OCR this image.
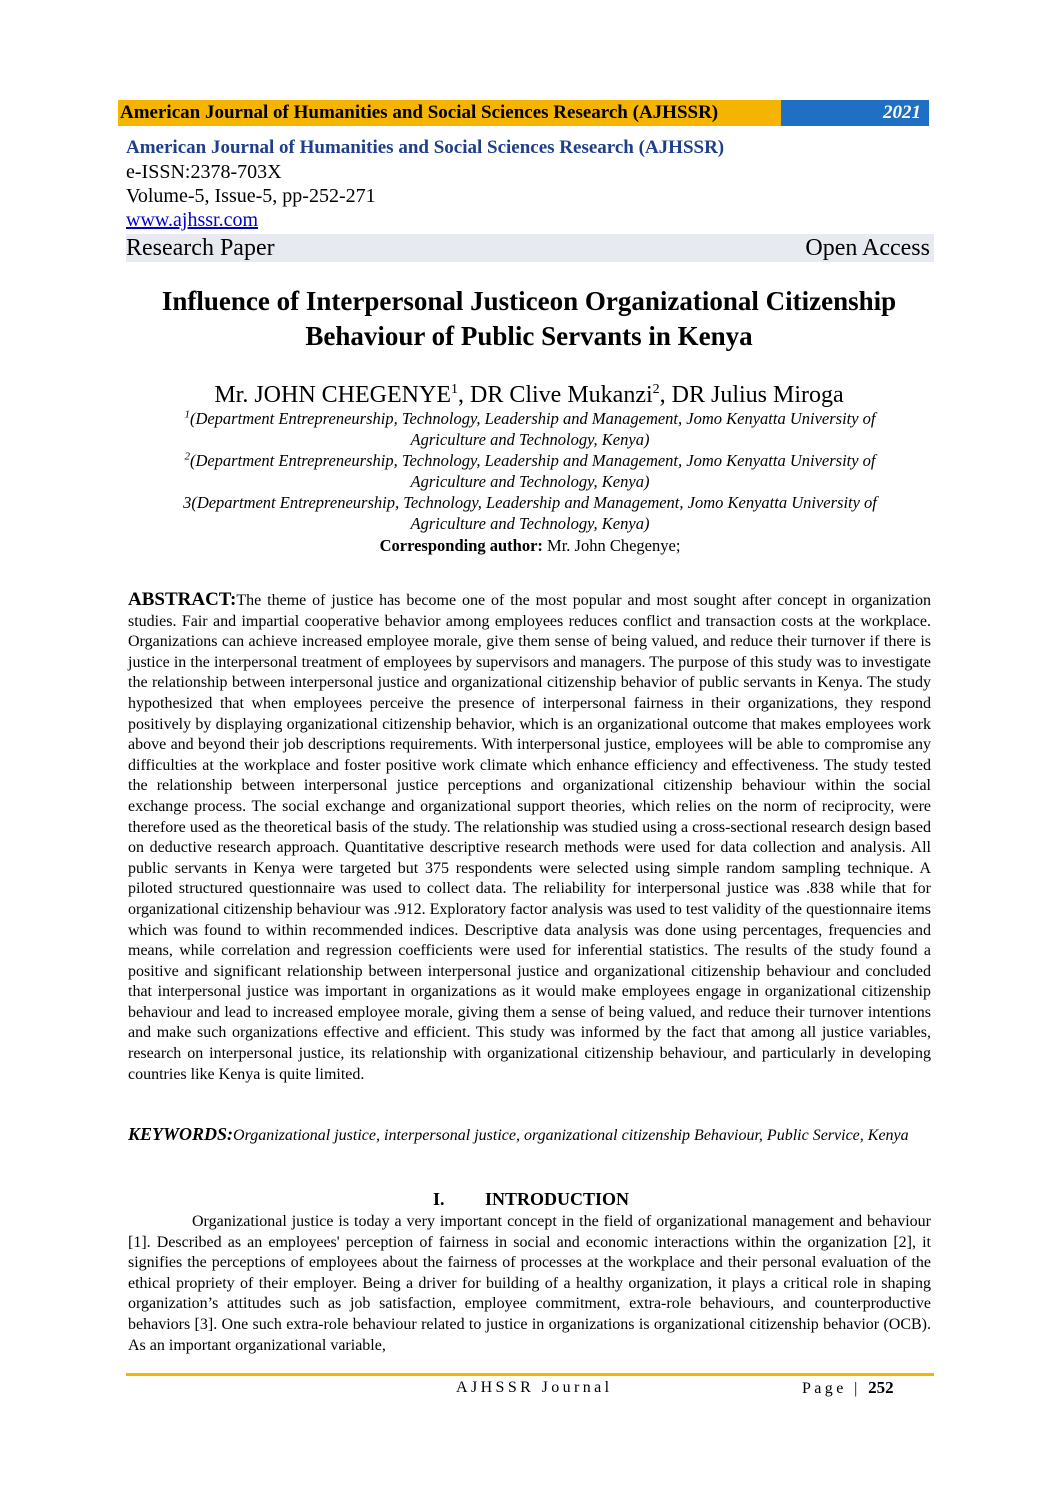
American Journal of Humanities and Social Sciences Research (AJHSSR)	2021
American Journal of Humanities and Social Sciences Research (AJHSSR)
e-ISSN:2378-703X
Volume-5, Issue-5, pp-252-271
www.ajhssr.com
Research Paper	Open Access
Influence of Interpersonal Justiceon Organizational Citizenship
Behaviour of Public Servants in Kenya
Mr. JOHN CHEGENYE$^1$, DR Clive Mukanzi$^2$, DR Julius Miroga
$^1$(Department Entrepreneurship, Technology, Leadership and Management, Jomo Kenyatta University of
Agriculture and Technology, Kenya)
$^2$(Department Entrepreneurship, Technology, Leadership and Management, Jomo Kenyatta University of
Agriculture and Technology, Kenya)
3(Department Entrepreneurship, Technology, Leadership and Management, Jomo Kenyatta University of
Agriculture and Technology, Kenya)
Corresponding author: Mr. John Chegenye;
ABSTRACT:The theme of justice has become one of the most popular and most sought after concept in organization studies. Fair and impartial cooperative behavior among employees reduces conflict and transaction costs at the workplace. Organizations can achieve increased employee morale, give them sense of being valued, and reduce their turnover if there is justice in the interpersonal treatment of employees by supervisors and managers. The purpose of this study was to investigate the relationship between interpersonal justice and organizational citizenship behavior of public servants in Kenya. The study hypothesized that when employees perceive the presence of interpersonal fairness in their organizations, they respond positively by displaying organizational citizenship behavior, which is an organizational outcome that makes employees work above and beyond their job descriptions requirements. With interpersonal justice, employees will be able to compromise any difficulties at the workplace and foster positive work climate which enhance efficiency and effectiveness. The study tested the relationship between interpersonal justice perceptions and organizational citizenship behaviour within the social exchange process. The social exchange and organizational support theories, which relies on the norm of reciprocity, were therefore used as the theoretical basis of the study. The relationship was studied using a cross-sectional research design based on deductive research approach. Quantitative descriptive research methods were used for data collection and analysis. All public servants in Kenya were targeted but 375 respondents were selected using simple random sampling technique. A piloted structured questionnaire was used to collect data. The reliability for interpersonal justice was .838 while that for organizational citizenship behaviour was .912. Exploratory factor analysis was used to test validity of the questionnaire items which was found to within recommended indices. Descriptive data analysis was done using percentages, frequencies and means, while correlation and regression coefficients were used for inferential statistics. The results of the study found a positive and significant relationship between interpersonal justice and organizational citizenship behaviour and concluded that interpersonal justice was important in organizations as it would make employees engage in organizational citizenship behaviour and lead to increased employee morale, giving them a sense of being valued, and reduce their turnover intentions and make such organizations effective and efficient. This study was informed by the fact that among all justice variables, research on interpersonal justice, its relationship with organizational citizenship behaviour, and particularly in developing countries like Kenya is quite limited.
KEYWORDS:Organizational justice, interpersonal justice, organizational citizenship Behaviour, Public Service, Kenya
I. INTRODUCTION
Organizational justice is today a very important concept in the field of organizational management and behaviour [1]. Described as an employees' perception of fairness in social and economic interactions within the organization [2], it signifies the perceptions of employees about the fairness of processes at the workplace and their personal evaluation of the ethical propriety of their employer. Being a driver for building of a healthy organization, it plays a critical role in shaping organization’s attitudes such as job satisfaction, employee commitment, extra-role behaviours, and counterproductive behaviors [3]. One such extra-role behaviour related to justice in organizations is organizational citizenship behavior (OCB). As an important organizational variable,
AJHSSR Journal	Page | 252
